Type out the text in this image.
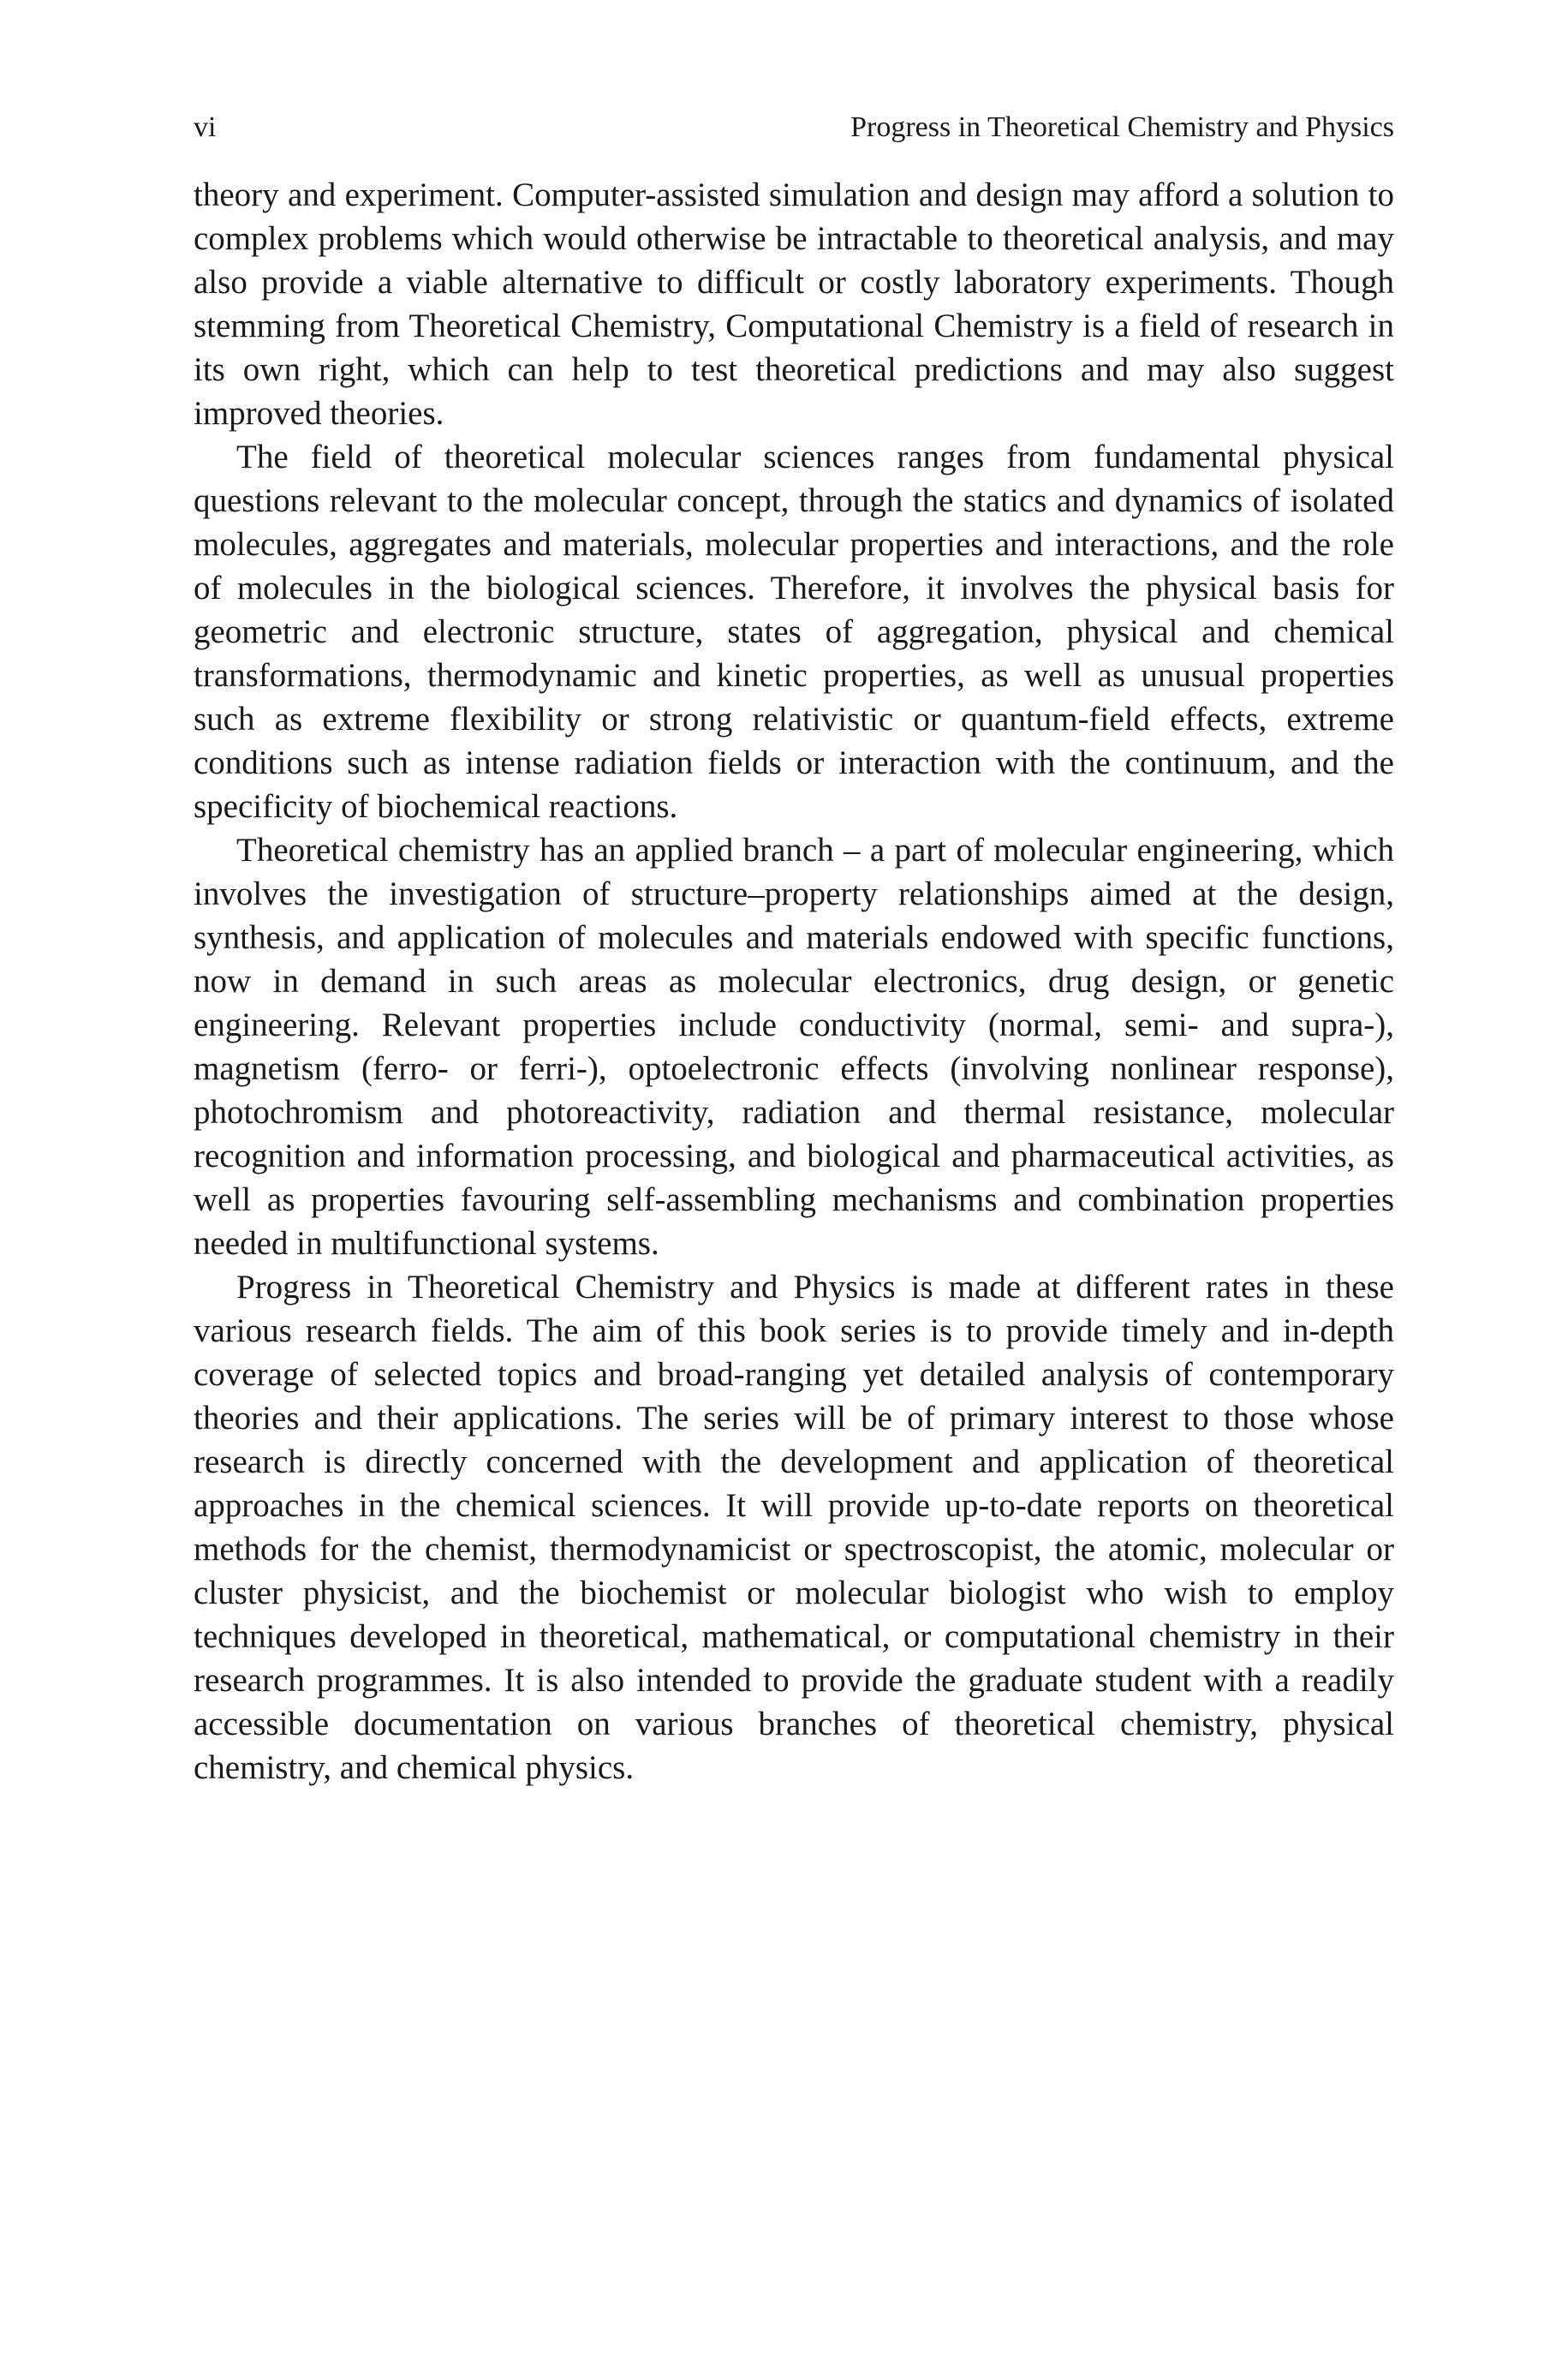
vi	Progress in Theoretical Chemistry and Physics

theory and experiment. Computer-assisted simulation and design may afford a solution to complex problems which would otherwise be intractable to theoretical analysis, and may also provide a viable alternative to difficult or costly laboratory experiments. Though stemming from Theoretical Chemistry, Computational Chemistry is a field of research in its own right, which can help to test theoretical predictions and may also suggest improved theories.

The field of theoretical molecular sciences ranges from fundamental physical questions relevant to the molecular concept, through the statics and dynamics of isolated molecules, aggregates and materials, molecular properties and interactions, and the role of molecules in the biological sciences. Therefore, it involves the physical basis for geometric and electronic structure, states of aggregation, physical and chemical transformations, thermodynamic and kinetic properties, as well as unusual properties such as extreme flexibility or strong relativistic or quantum-field effects, extreme conditions such as intense radiation fields or interaction with the continuum, and the specificity of biochemical reactions.

Theoretical chemistry has an applied branch – a part of molecular engineering, which involves the investigation of structure–property relationships aimed at the design, synthesis, and application of molecules and materials endowed with specific functions, now in demand in such areas as molecular electronics, drug design, or genetic engineering. Relevant properties include conductivity (normal, semi- and supra-), magnetism (ferro- or ferri-), optoelectronic effects (involving nonlinear response), photochromism and photoreactivity, radiation and thermal resistance, molecular recognition and information processing, and biological and pharmaceutical activities, as well as properties favouring self-assembling mechanisms and combination properties needed in multifunctional systems.

Progress in Theoretical Chemistry and Physics is made at different rates in these various research fields. The aim of this book series is to provide timely and in-depth coverage of selected topics and broad-ranging yet detailed analysis of contemporary theories and their applications. The series will be of primary interest to those whose research is directly concerned with the development and application of theoretical approaches in the chemical sciences. It will provide up-to-date reports on theoretical methods for the chemist, thermodynamicist or spectroscopist, the atomic, molecular or cluster physicist, and the biochemist or molecular biologist who wish to employ techniques developed in theoretical, mathematical, or computational chemistry in their research programmes. It is also intended to provide the graduate student with a readily accessible documentation on various branches of theoretical chemistry, physical chemistry, and chemical physics.
